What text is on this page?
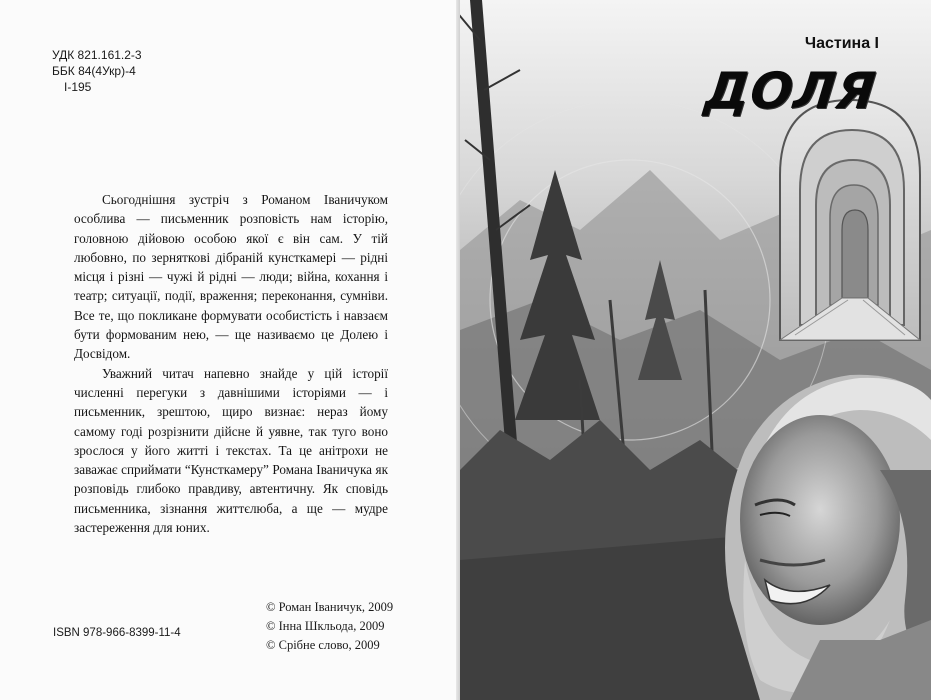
УДК 821.161.2-3
ББК 84(4Укр)-4
І-195

Сьогоднішня зустріч з Романом Іваничуком особлива — письменник розповість нам історію, головною дійовою особою якої є він сам. У тій любовно, по зерняткові дібраній кунсткамері — рідні місця і різні — чужі й рідні — люди; війна, кохання і театр; ситуації, події, враження; переконання, сумніви. Все те, що покликане формувати особистість і навзаєм бути формованим нею, — ще називаємо це Долею і Досвідом.

Уважний читач напевно знайде у цій історії численні перегуки з давнішими історіями — і письменник, зрештою, щиро визнає: нераз йому самому годі розрізнити дійсне й уявне, так туго воно зрослося у його житті і текстах. Та це анітрохи не заважає сприймати “Кунсткамеру” Романа Іваничука як розповідь глибоко правдиву, автентичну. Як сповідь письменника, зізнання життєлюба, а ще — мудре застереження для юних.

ISBN 978-966-8399-11-4
© Роман Іваничук, 2009
© Інна Шкльода, 2009
© Срібне слово, 2009
Частина І
ДОЛЯ
